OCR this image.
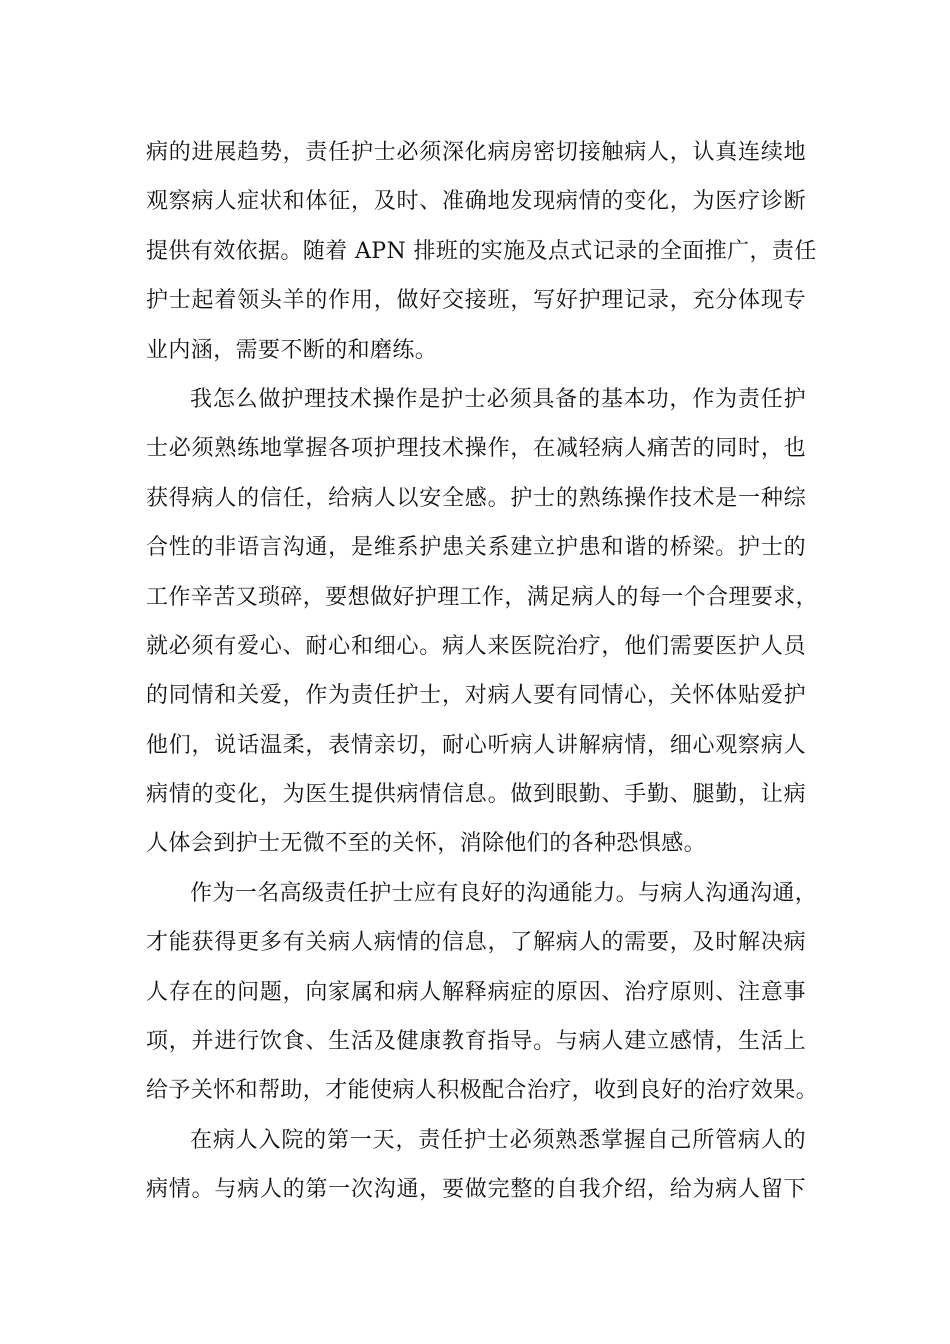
病的进展趋势，责任护士必须深化病房密切接触病人，认真连续地
观察病人症状和体征，及时、准确地发现病情的变化，为医疗诊断
提供有效依据。随着 APN 排班的实施及点式记录的全面推广，责任
护士起着领头羊的作用，做好交接班，写好护理记录，充分体现专
业内涵，需要不断的和磨练。
我怎么做护理技术操作是护士必须具备的基本功，作为责任护
士必须熟练地掌握各项护理技术操作，在减轻病人痛苦的同时，也
获得病人的信任，给病人以安全感。护士的熟练操作技术是一种综
合性的非语言沟通，是维系护患关系建立护患和谐的桥梁。护士的
工作辛苦又琐碎，要想做好护理工作，满足病人的每一个合理要求，
就必须有爱心、耐心和细心。病人来医院治疗，他们需要医护人员
的同情和关爱，作为责任护士，对病人要有同情心，关怀体贴爱护
他们，说话温柔，表情亲切，耐心听病人讲解病情，细心观察病人
病情的变化，为医生提供病情信息。做到眼勤、手勤、腿勤，让病
人体会到护士无微不至的关怀，消除他们的各种恐惧感。
作为一名高级责任护士应有良好的沟通能力。与病人沟通沟通，
才能获得更多有关病人病情的信息，了解病人的需要，及时解决病
人存在的问题，向家属和病人解释病症的原因、治疗原则、注意事
项，并进行饮食、生活及健康教育指导。与病人建立感情，生活上
给予关怀和帮助，才能使病人积极配合治疗，收到良好的治疗效果。
在病人入院的第一天，责任护士必须熟悉掌握自己所管病人的
病情。与病人的第一次沟通，要做完整的自我介绍，给为病人留下
